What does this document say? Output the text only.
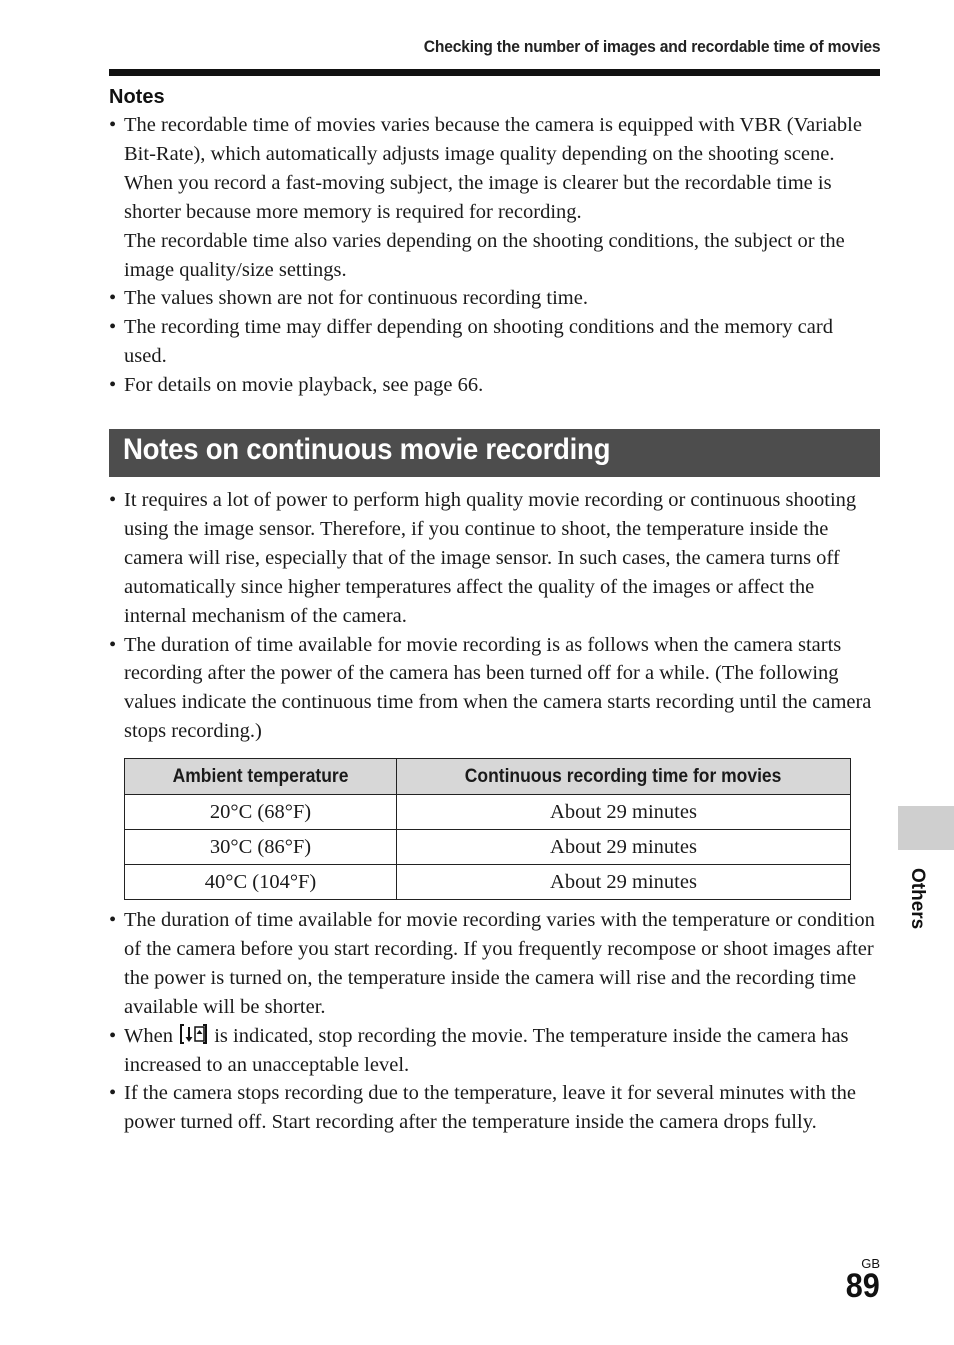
Checking the number of images and recordable time of movies
Notes
• The recordable time of movies varies because the camera is equipped with VBR (Variable Bit-Rate), which automatically adjusts image quality depending on the shooting scene. When you record a fast-moving subject, the image is clearer but the recordable time is shorter because more memory is required for recording.
The recordable time also varies depending on the shooting conditions, the subject or the image quality/size settings.
• The values shown are not for continuous recording time.
• The recording time may differ depending on shooting conditions and the memory card used.
• For details on movie playback, see page 66.
Notes on continuous movie recording
• It requires a lot of power to perform high quality movie recording or continuous shooting using the image sensor. Therefore, if you continue to shoot, the temperature inside the camera will rise, especially that of the image sensor. In such cases, the camera turns off automatically since higher temperatures affect the quality of the images or affect the internal mechanism of the camera.
• The duration of time available for movie recording is as follows when the camera starts recording after the power of the camera has been turned off for a while. (The following values indicate the continuous time from when the camera starts recording until the camera stops recording.)
Ambient temperature	Continuous recording time for movies
20°C (68°F)	About 29 minutes
30°C (86°F)	About 29 minutes
40°C (104°F)	About 29 minutes
• The duration of time available for movie recording varies with the temperature or condition of the camera before you start recording. If you frequently recompose or shoot images after the power is turned on, the temperature inside the camera will rise and the recording time available will be shorter.
• When is indicated, stop recording the movie. The temperature inside the camera has increased to an unacceptable level.
• If the camera stops recording due to the temperature, leave it for several minutes with the power turned off. Start recording after the temperature inside the camera drops fully.
Others
GB
89
